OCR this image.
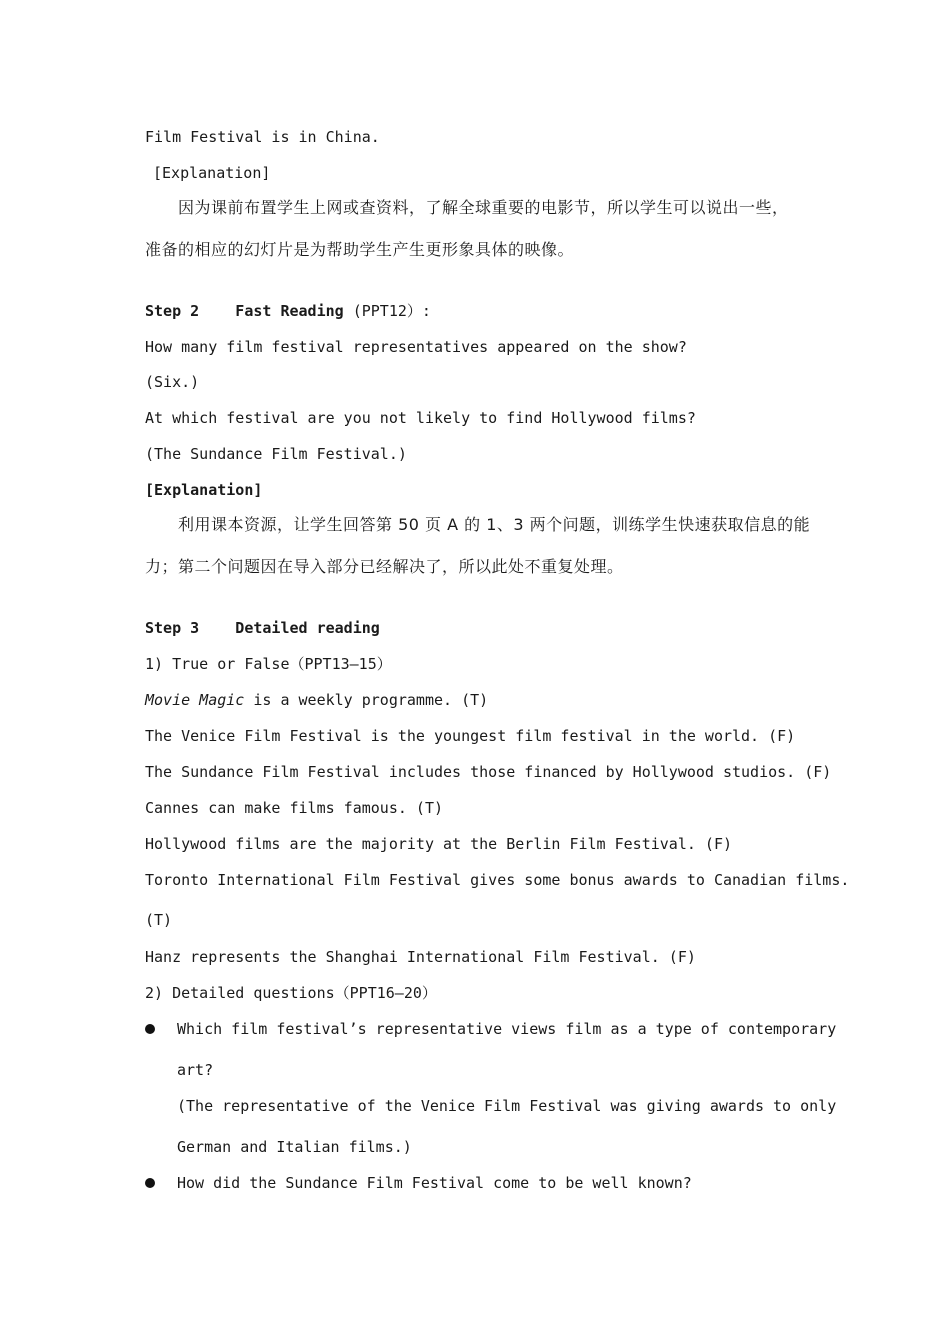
Film Festival is in China.
[Explanation]
因为课前布置学生上网或查资料，了解全球重要的电影节，所以学生可以说出一些，
准备的相应的幻灯片是为帮助学生产生更形象具体的映像。
Step 2    Fast Reading (PPT12）:
How many film festival representatives appeared on the show?
(Six.)
At which festival are you not likely to find Hollywood films?
(The Sundance Film Festival.)
[Explanation]
利用课本资源，让学生回答第 50 页 A 的 1、3 两个问题，训练学生快速获取信息的能
力；第二个问题因在导入部分已经解决了，所以此处不重复处理。
Step 3    Detailed reading
1) True or False（PPT13—15）
Movie Magic is a weekly programme. (T)
The Venice Film Festival is the youngest film festival in the world. (F)
The Sundance Film Festival includes those financed by Hollywood studios. (F)
Cannes can make films famous. (T)
Hollywood films are the majority at the Berlin Film Festival. (F)
Toronto International Film Festival gives some bonus awards to Canadian films.
(T)
Hanz represents the Shanghai International Film Festival. (F)
2) Detailed questions（PPT16—20）
Which film festival’s representative views film as a type of contemporary
art?
(The representative of the Venice Film Festival was giving awards to only
German and Italian films.)
How did the Sundance Film Festival come to be well known?
